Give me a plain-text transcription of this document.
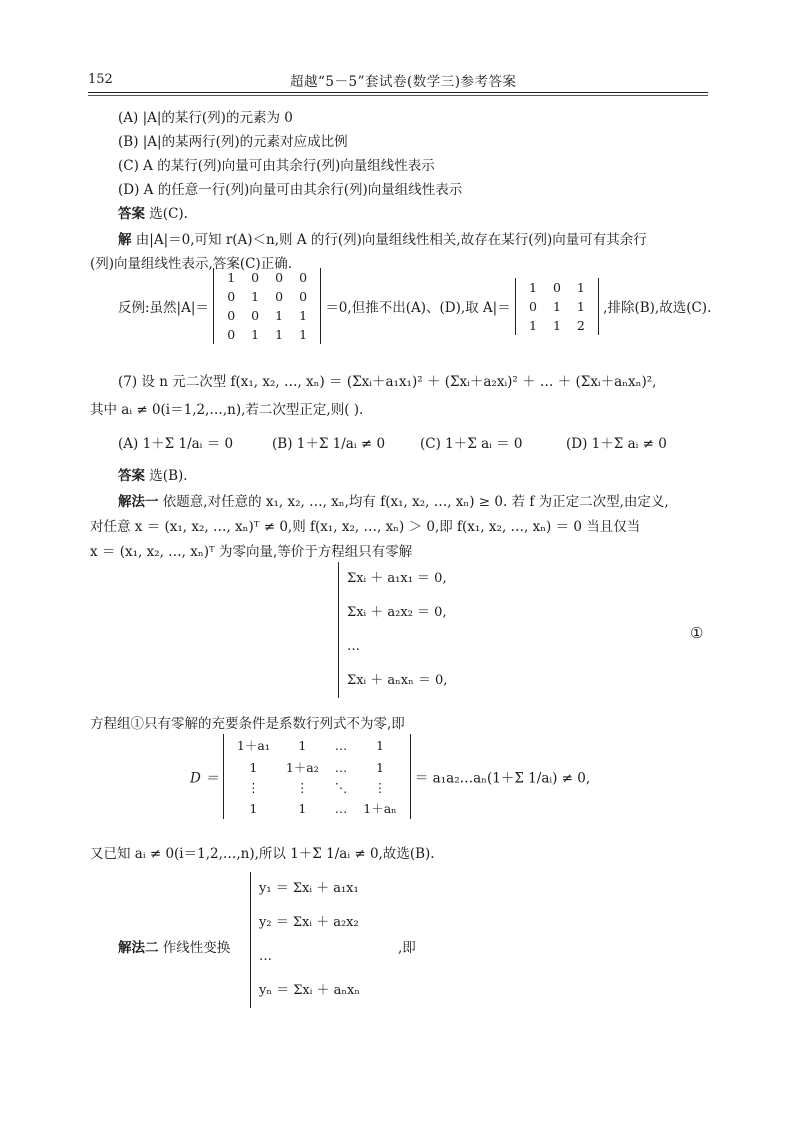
152	超越“5－5”套试卷(数学三)参考答案
(A) |A|的某行(列)的元素为 0
(B) |A|的某两行(列)的元素对应成比例
(C) A 的某行(列)向量可由其余行(列)向量组线性表示
(D) A 的任意一行(列)向量可由其余行(列)向量组线性表示
答案 选(C).
解 由|A|＝0,可知 r(A)＜n,则 A 的行(列)向量组线性相关,故存在某行(列)向量可有其余行
(列)向量组线性表示,答案(C)正确.
反例:虽然|A|＝
1	0	0	0
0	1	0	0
0	0	1	1
0	1	1	1
＝0,但推不出(A)、(D),取 A|＝
1	0	1
0	1	1
1	1	2
,排除(B),故选(C).
(7) 设 n 元二次型 f(x₁, x₂, …, xₙ) ＝ (Σxᵢ＋a₁x₁)² ＋ (Σxᵢ＋a₂xᵢ)² ＋ … ＋ (Σxᵢ＋aₙxₙ)²,
其中 aᵢ ≠ 0(i＝1,2,…,n),若二次型正定,则( ).
(A) 1＋Σ 1/aᵢ ＝ 0	(B) 1＋Σ 1/aᵢ ≠ 0	(C) 1＋Σ aᵢ ＝ 0	(D) 1＋Σ aᵢ ≠ 0
答案 选(B).
解法一 依题意,对任意的 x₁, x₂, …, xₙ,均有 f(x₁, x₂, …, xₙ) ≥ 0. 若 f 为正定二次型,由定义,
对任意 x ＝ (x₁, x₂, …, xₙ)ᵀ ≠ 0,则 f(x₁, x₂, …, xₙ) ＞ 0,即 f(x₁, x₂, …, xₙ) ＝ 0 当且仅当
x ＝ (x₁, x₂, …, xₙ)ᵀ 为零向量,等价于方程组只有零解
Σxᵢ ＋ a₁x₁ ＝ 0,
Σxᵢ ＋ a₂x₂ ＝ 0,
…
Σxᵢ ＋ aₙxₙ ＝ 0,
①
方程组①只有零解的充要条件是系数行列式不为零,即
D ＝
1＋a₁	1	…	1
1	1＋a₂	…	1
⋮	⋮	⋱	⋮
1	1	…	1＋aₙ
＝ a₁a₂…aₙ(1＋Σ 1/aᵢ) ≠ 0,
又已知 aᵢ ≠ 0(i＝1,2,…,n),所以 1＋Σ 1/aᵢ ≠ 0,故选(B).
解法二 作线性变换
y₁ ＝ Σxᵢ ＋ a₁x₁
y₂ ＝ Σxᵢ ＋ a₂x₂
…
yₙ ＝ Σxᵢ ＋ aₙxₙ
,即
